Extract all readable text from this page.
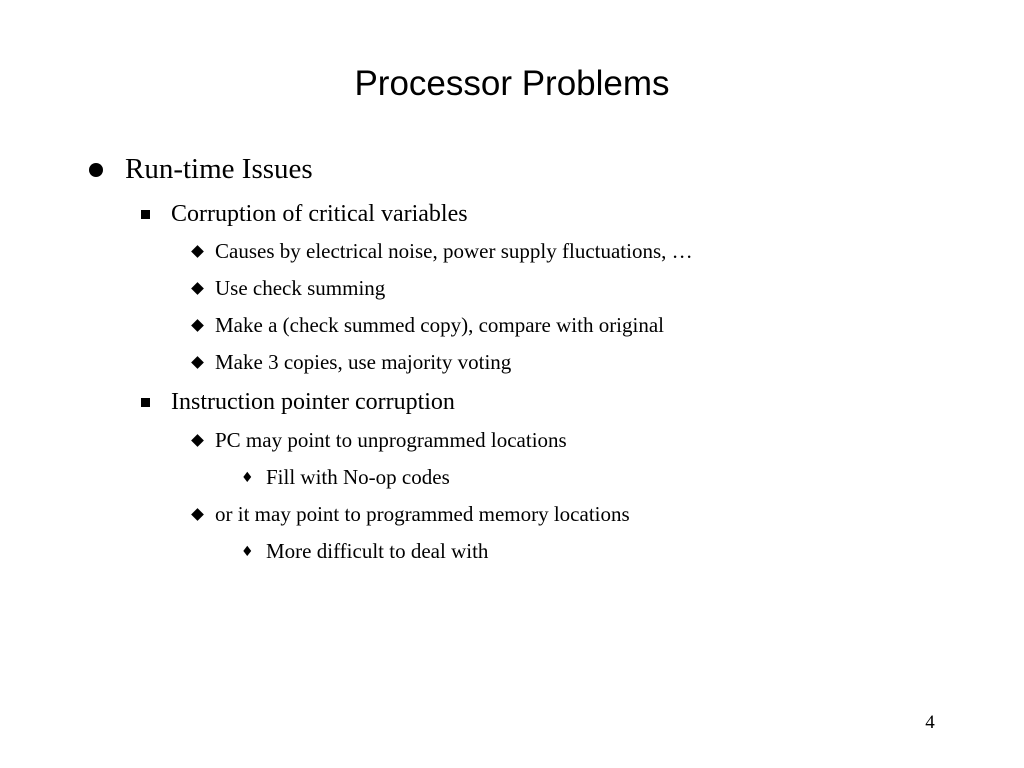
Processor Problems
Run-time Issues
Corruption of critical variables
Causes by electrical noise, power supply fluctuations, …
Use check summing
Make a (check summed copy), compare with original
Make 3 copies, use majority voting
Instruction pointer corruption
PC may point to unprogrammed locations
♦ Fill with No-op codes
or it may point to programmed memory locations
♦ More difficult to deal with
4
